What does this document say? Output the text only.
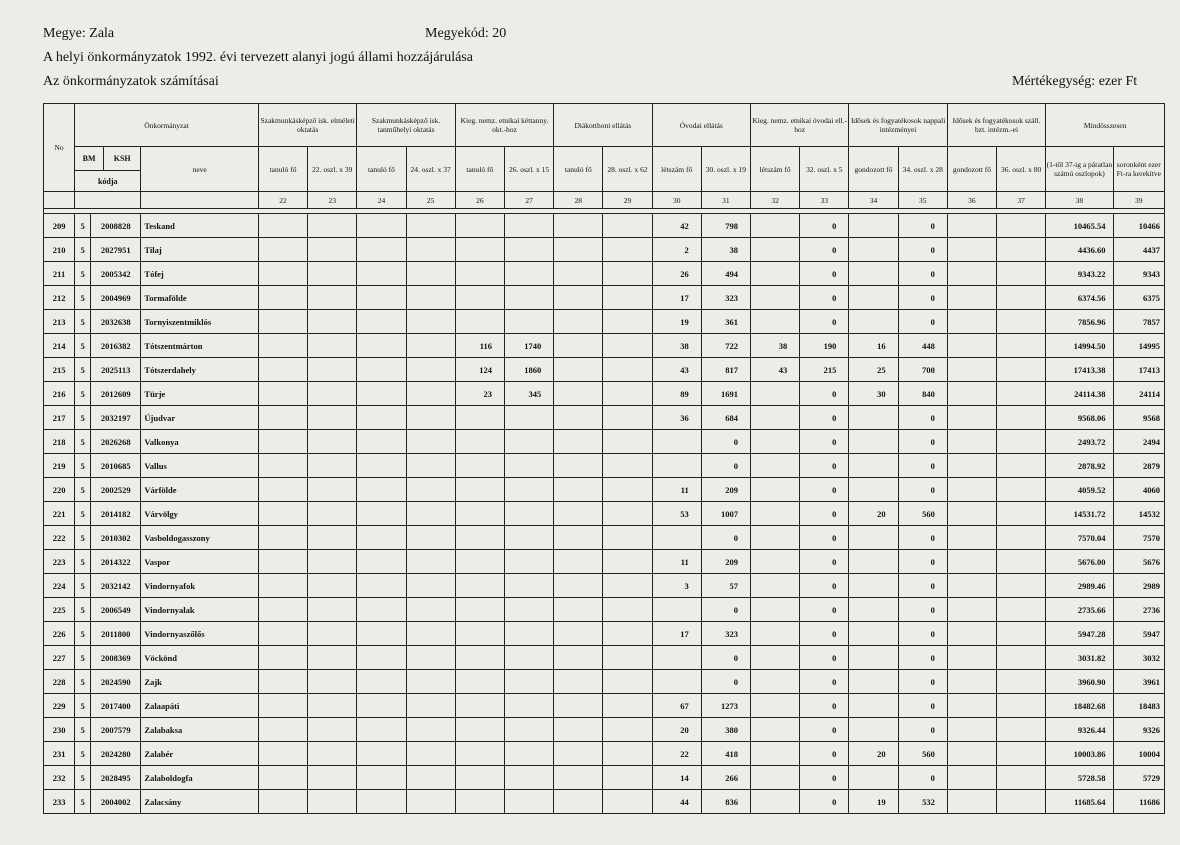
Megye: Zala	Megyekód: 20
A helyi önkormányzatok 1992. évi tervezett alanyi jogú állami hozzájárulása
Az önkormányzatok számításai	Mértékegység: ezer Ft
No	Önkormányzat	Szakmunkásképző isk. elméleti oktatás	Szakmunkásképző isk. tanműhelyi oktatás	Kieg. nemz. etnikai kéttanny. okt.-hoz	Diákotthoni ellátás	Óvodai ellátás	Kieg. nemz. etnikai óvodai ell.-hoz	Idősek és fogyatékosok nappali intézményei	Idősek és fogyatékosok száll. bzt. intézm.-ei	Mindösszesen

BM	KSH
kódja
	neve	tanuló fő	22. oszl. x 39	tanuló fő	24. oszl. x 37	tanuló fő	26. oszl. x 15	tanuló fő	28. oszl. x 62	létszám fő	30. oszl. x 19	létszám fő	32. oszl. x 5	gondozott fő	34. oszl. x 28	gondozott fő	36. oszl. x 80	(1-től 37-ig a páratlan számú oszlopok)	soronként ezer Ft-ra kerekítve
			22	23	24	25	26	27	28	29	30	31	32	33	34	35	36	37	38	39

209	5	2008828	Teskand									42	798		0		0			10465.54	10466
210	5	2027951	Tilaj									2	38		0		0			4436.60	4437
211	5	2005342	Tófej									26	494		0		0			9343.22	9343
212	5	2004969	Tormafölde									17	323		0		0			6374.56	6375
213	5	2032638	Tornyiszentmiklós									19	361		0		0			7856.96	7857
214	5	2016382	Tótszentmárton					116	1740			38	722	38	190	16	448			14994.50	14995
215	5	2025113	Tótszerdahely					124	1860			43	817	43	215	25	700			17413.38	17413
216	5	2012609	Türje					23	345			89	1691		0	30	840			24114.38	24114
217	5	2032197	Újudvar									36	684		0		0			9568.06	9568
218	5	2026268	Valkonya										0		0		0			2493.72	2494
219	5	2010685	Vallus										0		0		0			2878.92	2879
220	5	2002529	Várfölde									11	209		0		0			4059.52	4060
221	5	2014182	Várvölgy									53	1007		0	20	560			14531.72	14532
222	5	2010302	Vasboldogasszony										0		0		0			7570.04	7570
223	5	2014322	Vaspor									11	209		0		0			5676.00	5676
224	5	2032142	Vindornyafok									3	57		0		0			2989.46	2989
225	5	2006549	Vindornyalak										0		0		0			2735.66	2736
226	5	2011800	Vindornyaszőlős									17	323		0		0			5947.28	5947
227	5	2008369	Vöckönd										0		0		0			3031.82	3032
228	5	2024590	Zajk										0		0		0			3960.90	3961
229	5	2017400	Zalaapáti									67	1273		0		0			18482.68	18483
230	5	2007579	Zalabaksa									20	380		0		0			9326.44	9326
231	5	2024280	Zalabér									22	418		0	20	560			10003.86	10004
232	5	2028495	Zalaboldogfa									14	266		0		0			5728.58	5729
233	5	2004002	Zalacsány									44	836		0	19	532			11685.64	11686
